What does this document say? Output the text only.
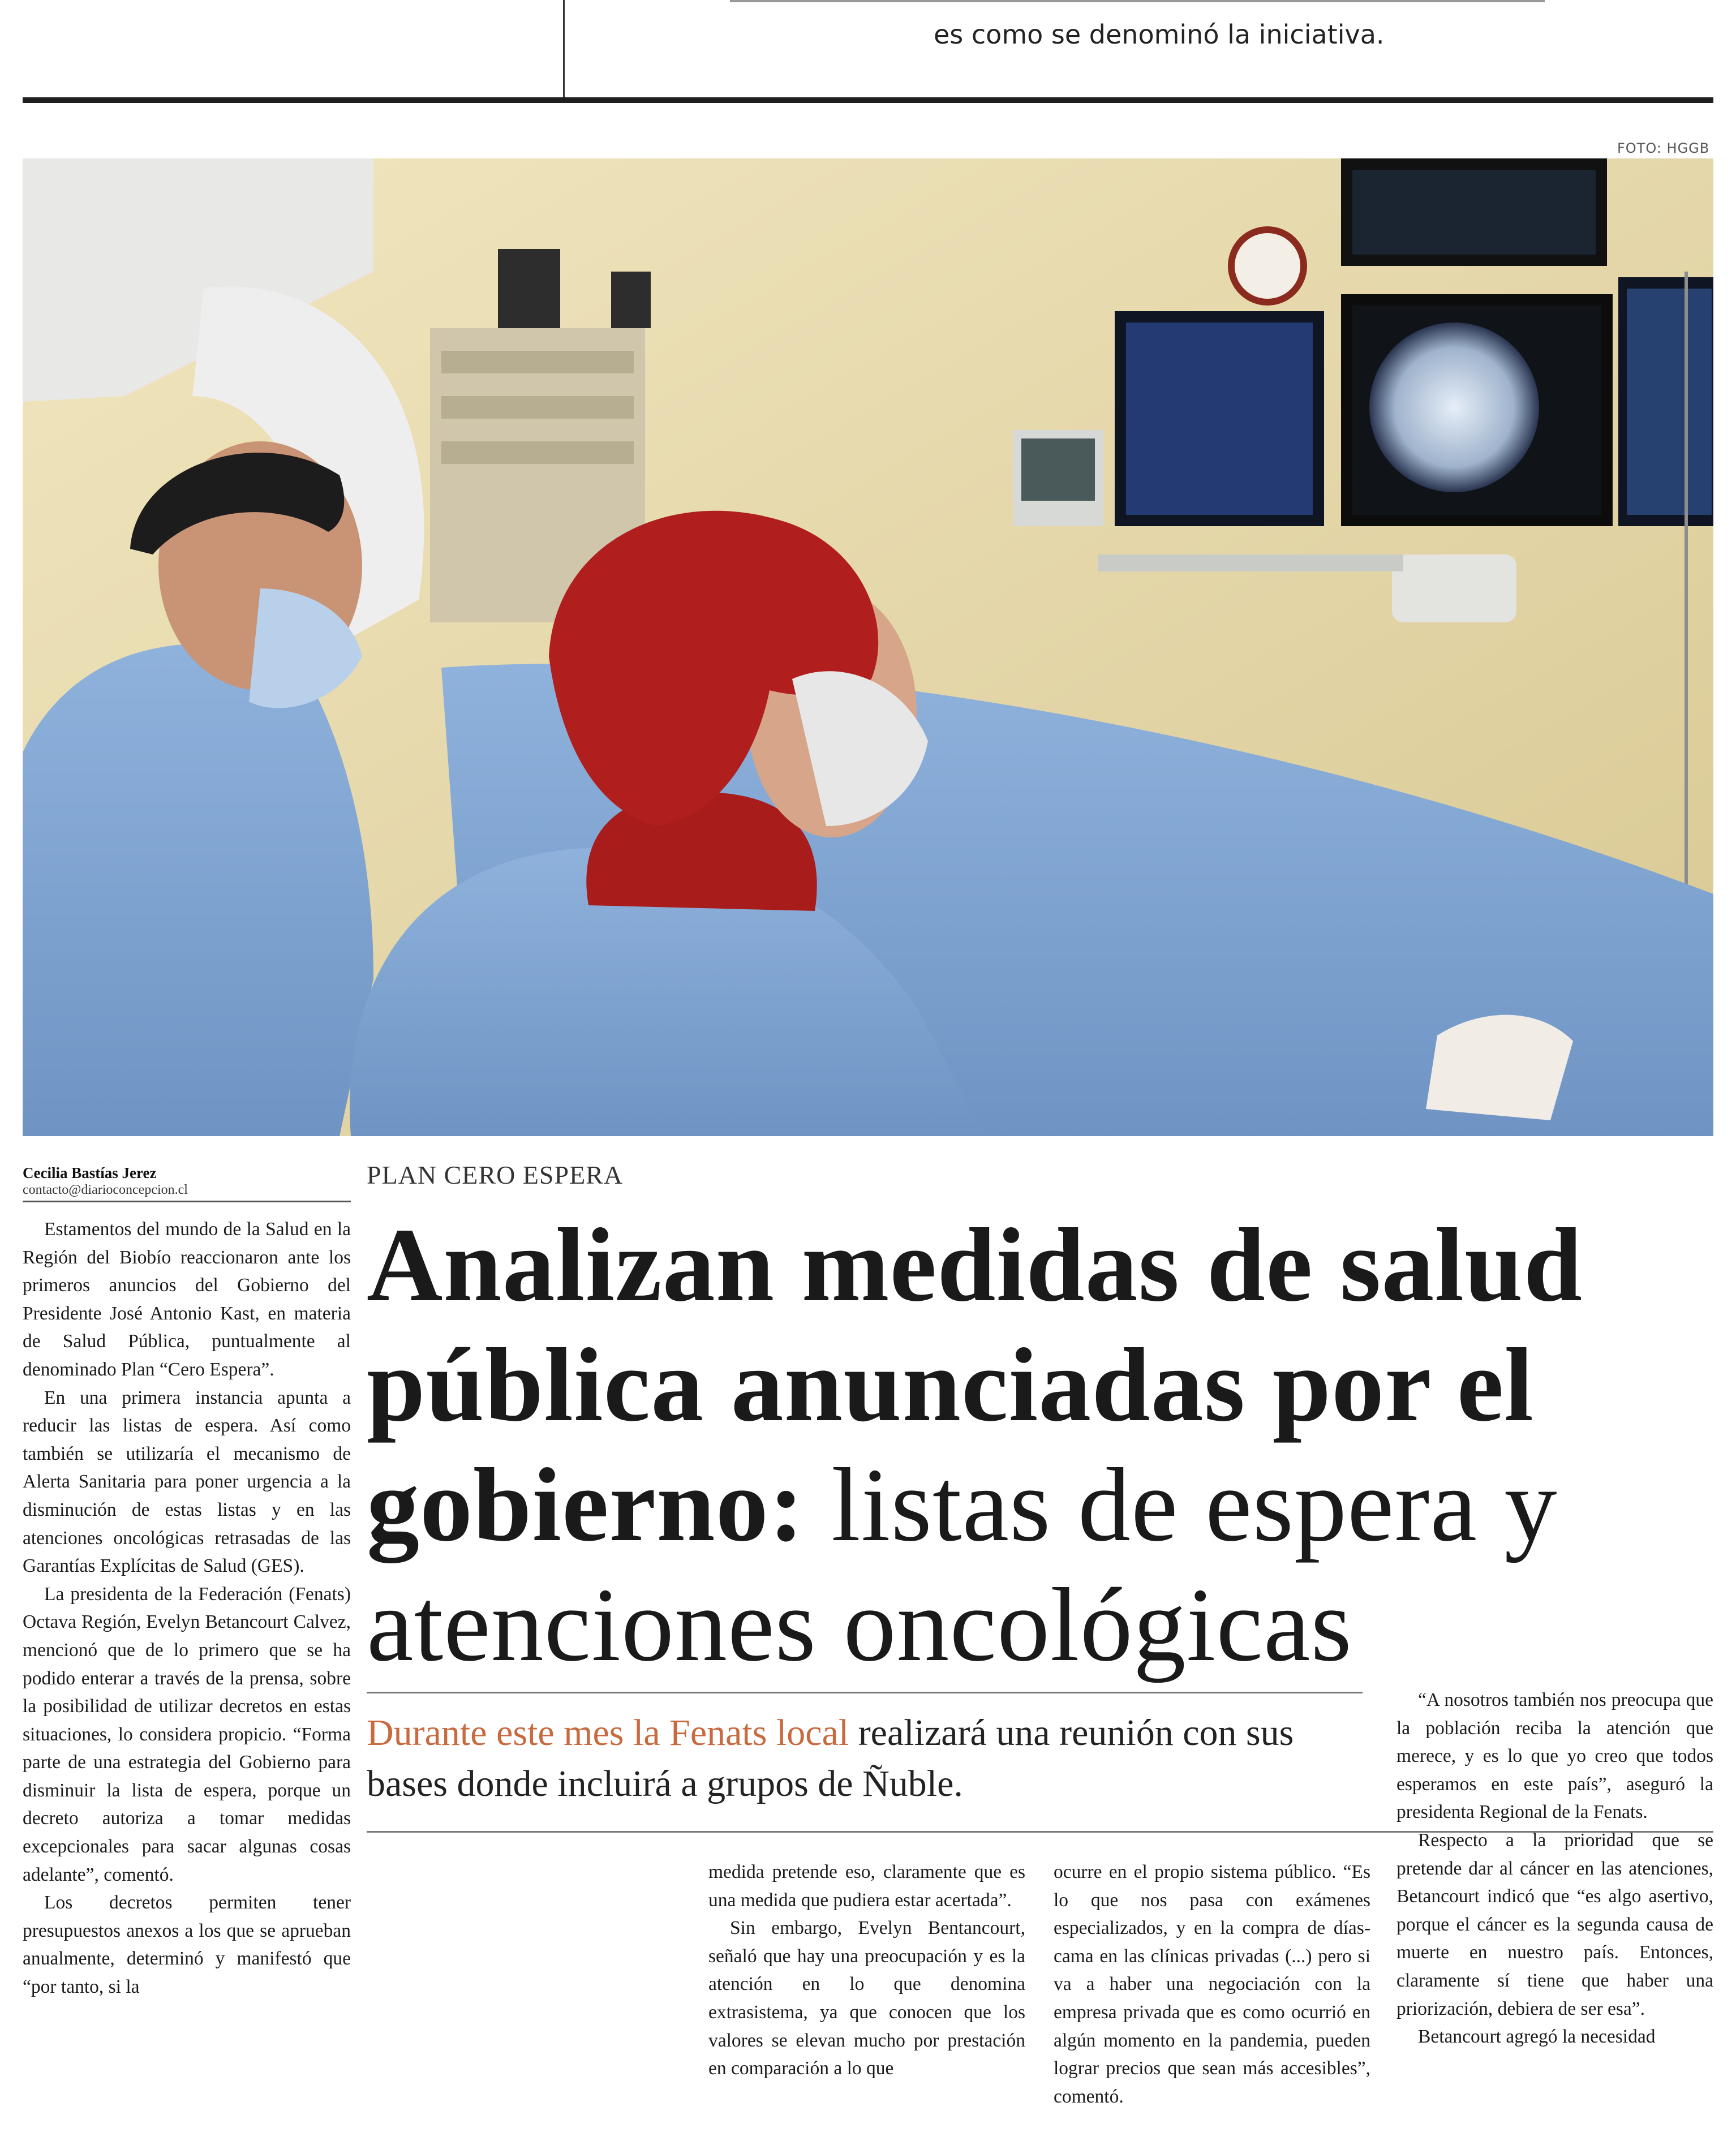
es como se denominó la iniciativa.
FOTO: HGGB
Cecilia Bastías Jerez
contacto@diarioconcepcion.cl

Estamentos del mundo de la Salud en la Región del Biobío reaccionaron ante los primeros anuncios del Gobierno del Presidente José Antonio Kast, en materia de Salud Pública, puntualmente al denominado Plan “Cero Espera”.

En una primera instancia apunta a reducir las listas de espera. Así como también se utilizaría el mecanismo de Alerta Sanitaria para poner urgencia a la disminución de estas listas y en las atenciones oncológicas retrasadas de las Garantías Explícitas de Salud (GES).

La presidenta de la Federación (Fenats) Octava Región, Evelyn Betancourt Calvez, mencionó que de lo primero que se ha podido enterar a través de la prensa, sobre la posibilidad de utilizar decretos en estas situaciones, lo considera propicio. “Forma parte de una estrategia del Gobierno para disminuir la lista de espera, porque un decreto autoriza a tomar medidas excepcionales para sacar algunas cosas adelante”, comentó.

Los decretos permiten tener presupuestos anexos a los que se aprueban anualmente, determinó y manifestó que “por tanto, si la

PLAN CERO ESPERA
Analizan medidas de salud pública anunciadas por el gobierno: listas de espera y atenciones oncológicas
Durante este mes la Fenats local realizará una reunión con sus bases donde incluirá a grupos de Ñuble.

medida pretende eso, claramente que es una medida que pudiera estar acertada”.

Sin embargo, Evelyn Bentancourt, señaló que hay una preocupación y es la atención en lo que denomina extrasistema, ya que conocen que los valores se elevan mucho por prestación en comparación a lo que

ocurre en el propio sistema público. “Es lo que nos pasa con exámenes especializados, y en la compra de días-cama en las clínicas privadas (...) pero si va a haber una negociación con la empresa privada que es como ocurrió en algún momento en la pandemia, pueden lograr precios que sean más accesibles”, comentó.

“A nosotros también nos preocupa que la población reciba la atención que merece, y es lo que yo creo que todos esperamos en este país”, aseguró la presidenta Regional de la Fenats.

Respecto a la prioridad que se pretende dar al cáncer en las atenciones, Betancourt indicó que “es algo asertivo, porque el cáncer es la segunda causa de muerte en nuestro país. Entonces, claramente sí tiene que haber una priorización, debiera de ser esa”.

Betancourt agregó la necesidad
